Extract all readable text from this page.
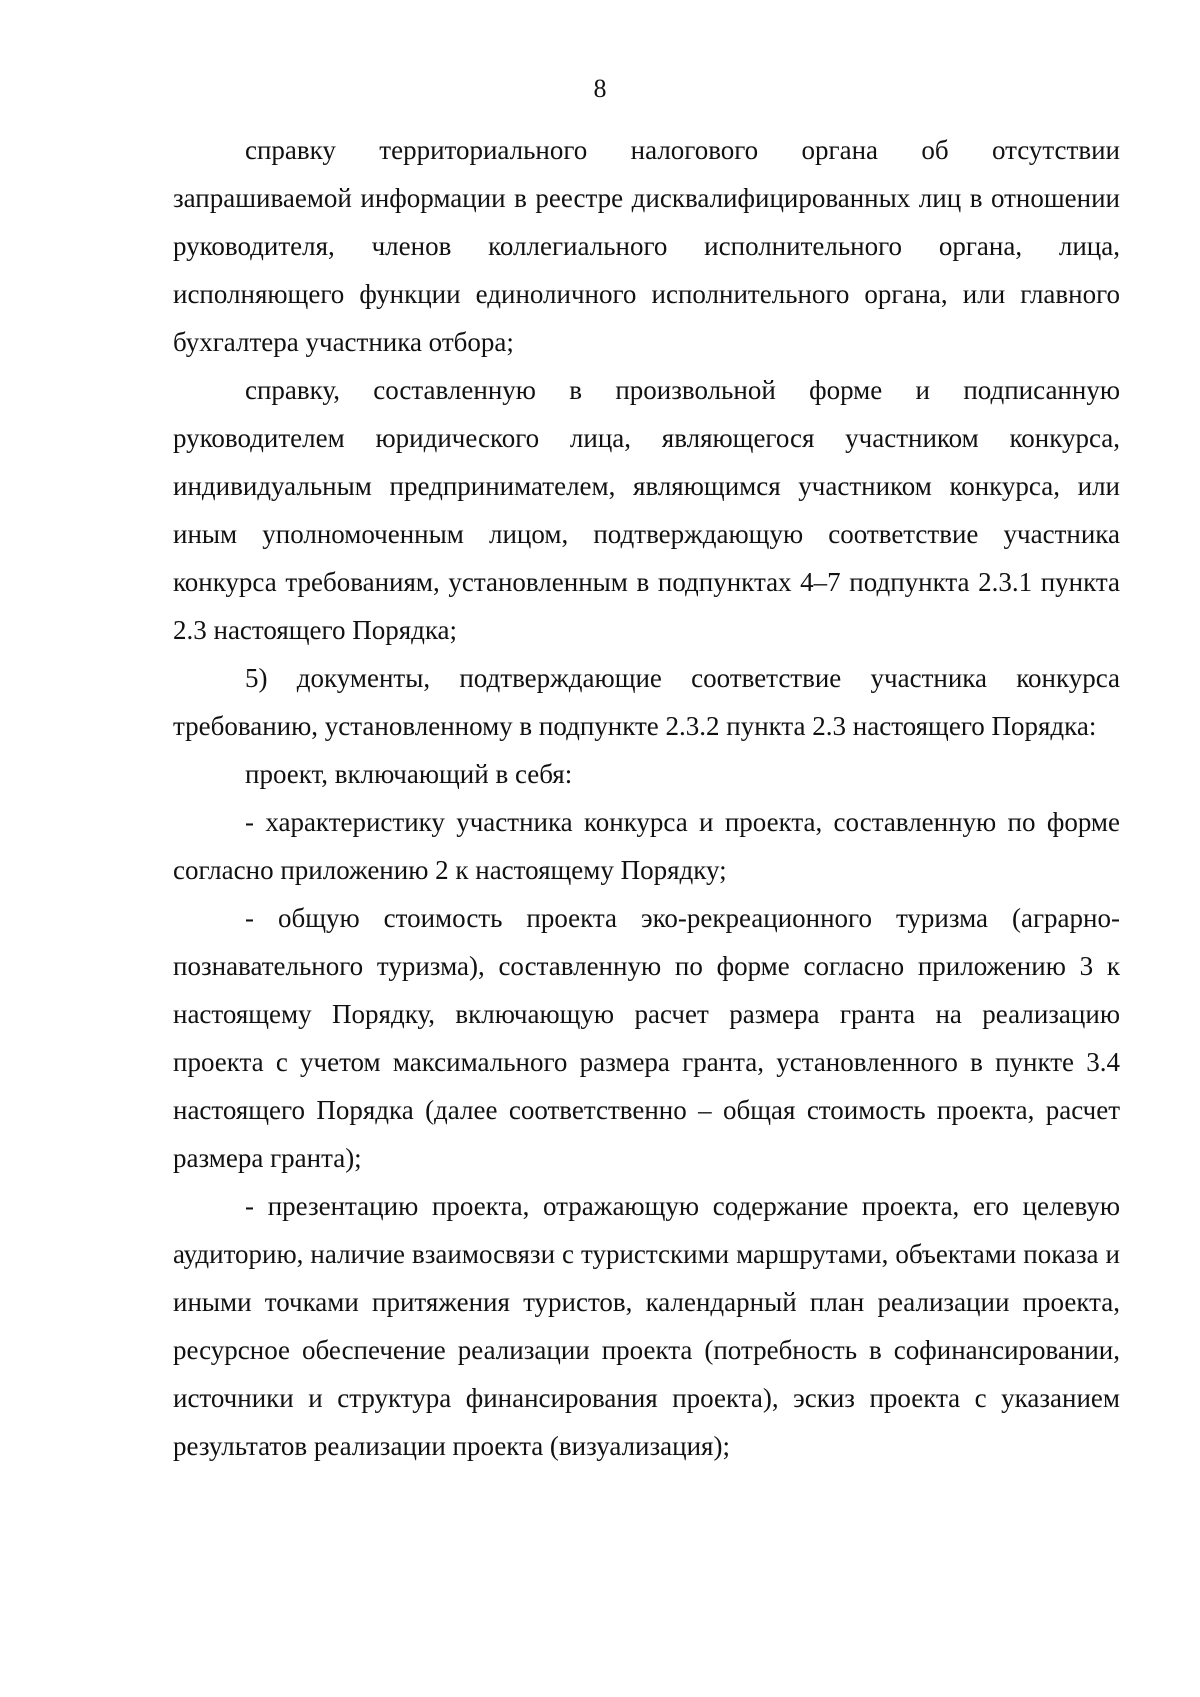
8

справку территориального налогового органа об отсутствии запрашиваемой информации в реестре дисквалифицированных лиц в отношении руководителя, членов коллегиального исполнительного органа, лица, исполняющего функции единоличного исполнительного органа, или главного бухгалтера участника отбора;

справку, составленную в произвольной форме и подписанную руководителем юридического лица, являющегося участником конкурса, индивидуальным предпринимателем, являющимся участником конкурса, или иным уполномоченным лицом, подтверждающую соответствие участника конкурса требованиям, установленным в подпунктах 4–7 подпункта 2.3.1 пункта 2.3 настоящего Порядка;

5) документы, подтверждающие соответствие участника конкурса требованию, установленному в подпункте 2.3.2 пункта 2.3 настоящего Порядка:

проект, включающий в себя:

- характеристику участника конкурса и проекта, составленную по форме согласно приложению 2 к настоящему Порядку;

- общую стоимость проекта эко-рекреационного туризма (аграрно-познавательного туризма), составленную по форме согласно приложению 3 к настоящему Порядку, включающую расчет размера гранта на реализацию проекта с учетом максимального размера гранта, установленного в пункте 3.4 настоящего Порядка (далее соответственно – общая стоимость проекта, расчет размера гранта);

- презентацию проекта, отражающую содержание проекта, его целевую аудиторию, наличие взаимосвязи с туристскими маршрутами, объектами показа и иными точками притяжения туристов, календарный план реализации проекта, ресурсное обеспечение реализации проекта (потребность в софинансировании, источники и структура финансирования проекта), эскиз проекта с указанием результатов реализации проекта (визуализация);
